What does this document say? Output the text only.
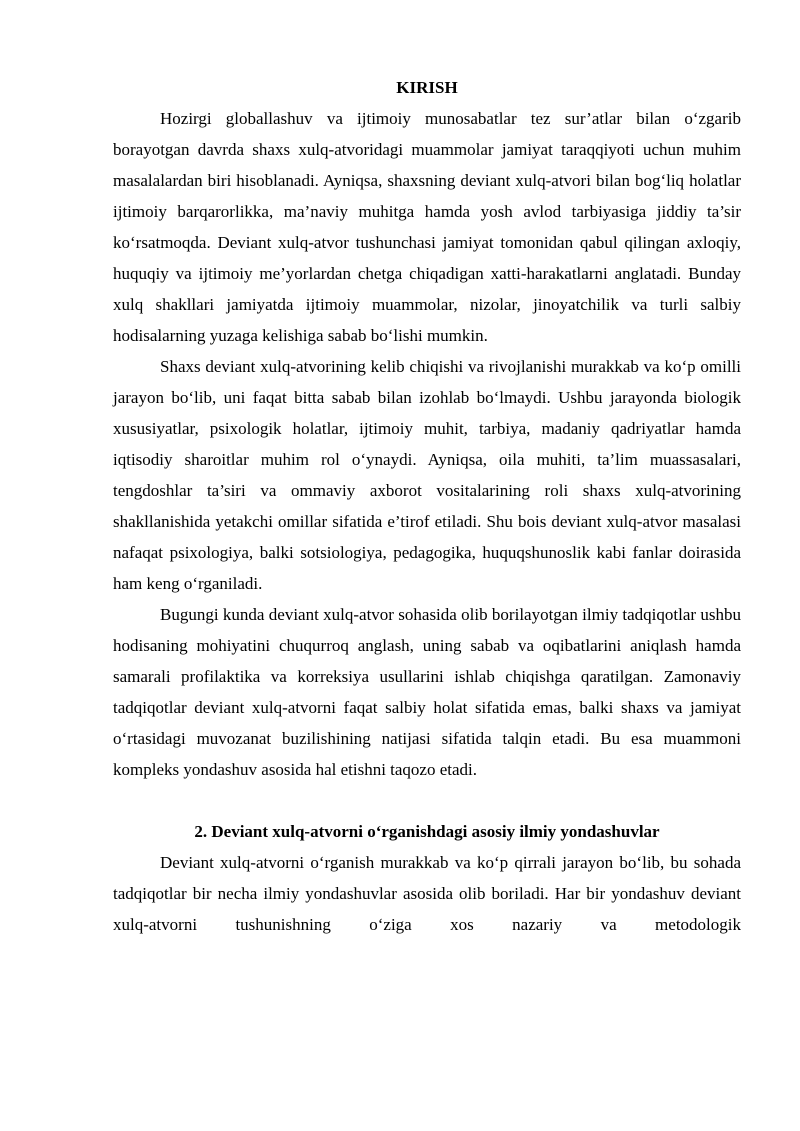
KIRISH

Hozirgi globallashuv va ijtimoiy munosabatlar tez sur’atlar bilan o‘zgarib borayotgan davrda shaxs xulq-atvoridagi muammolar jamiyat taraqqiyoti uchun muhim masalalardan biri hisoblanadi. Ayniqsa, shaxsning deviant xulq-atvori bilan bog‘liq holatlar ijtimoiy barqarorlikka, ma’naviy muhitga hamda yosh avlod tarbiyasiga jiddiy ta’sir ko‘rsatmoqda. Deviant xulq-atvor tushunchasi jamiyat tomonidan qabul qilingan axloqiy, huquqiy va ijtimoiy me’yorlardan chetga chiqadigan xatti-harakatlarni anglatadi. Bunday xulq shakllari jamiyatda ijtimoiy muammolar, nizolar, jinoyatchilik va turli salbiy hodisalarning yuzaga kelishiga sabab bo‘lishi mumkin.

Shaxs deviant xulq-atvorining kelib chiqishi va rivojlanishi murakkab va ko‘p omilli jarayon bo‘lib, uni faqat bitta sabab bilan izohlab bo‘lmaydi. Ushbu jarayonda biologik xususiyatlar, psixologik holatlar, ijtimoiy muhit, tarbiya, madaniy qadriyatlar hamda iqtisodiy sharoitlar muhim rol o‘ynaydi. Ayniqsa, oila muhiti, ta’lim muassasalari, tengdoshlar ta’siri va ommaviy axborot vositalarining roli shaxs xulq-atvorining shakllanishida yetakchi omillar sifatida e’tirof etiladi. Shu bois deviant xulq-atvor masalasi nafaqat psixologiya, balki sotsiologiya, pedagogika, huquqshunoslik kabi fanlar doirasida ham keng o‘rganiladi.

Bugungi kunda deviant xulq-atvor sohasida olib borilayotgan ilmiy tadqiqotlar ushbu hodisaning mohiyatini chuqurroq anglash, uning sabab va oqibatlarini aniqlash hamda samarali profilaktika va korreksiya usullarini ishlab chiqishga qaratilgan. Zamonaviy tadqiqotlar deviant xulq-atvorni faqat salbiy holat sifatida emas, balki shaxs va jamiyat o‘rtasidagi muvozanat buzilishining natijasi sifatida talqin etadi. Bu esa muammoni kompleks yondashuv asosida hal etishni taqozo etadi.

2. Deviant xulq-atvorni o‘rganishdagi asosiy ilmiy yondashuvlar

Deviant xulq-atvorni o‘rganish murakkab va ko‘p qirrali jarayon bo‘lib, bu sohada tadqiqotlar bir necha ilmiy yondashuvlar asosida olib boriladi. Har bir yondashuv deviant xulq-atvorni tushunishning o‘ziga xos nazariy va metodologik
